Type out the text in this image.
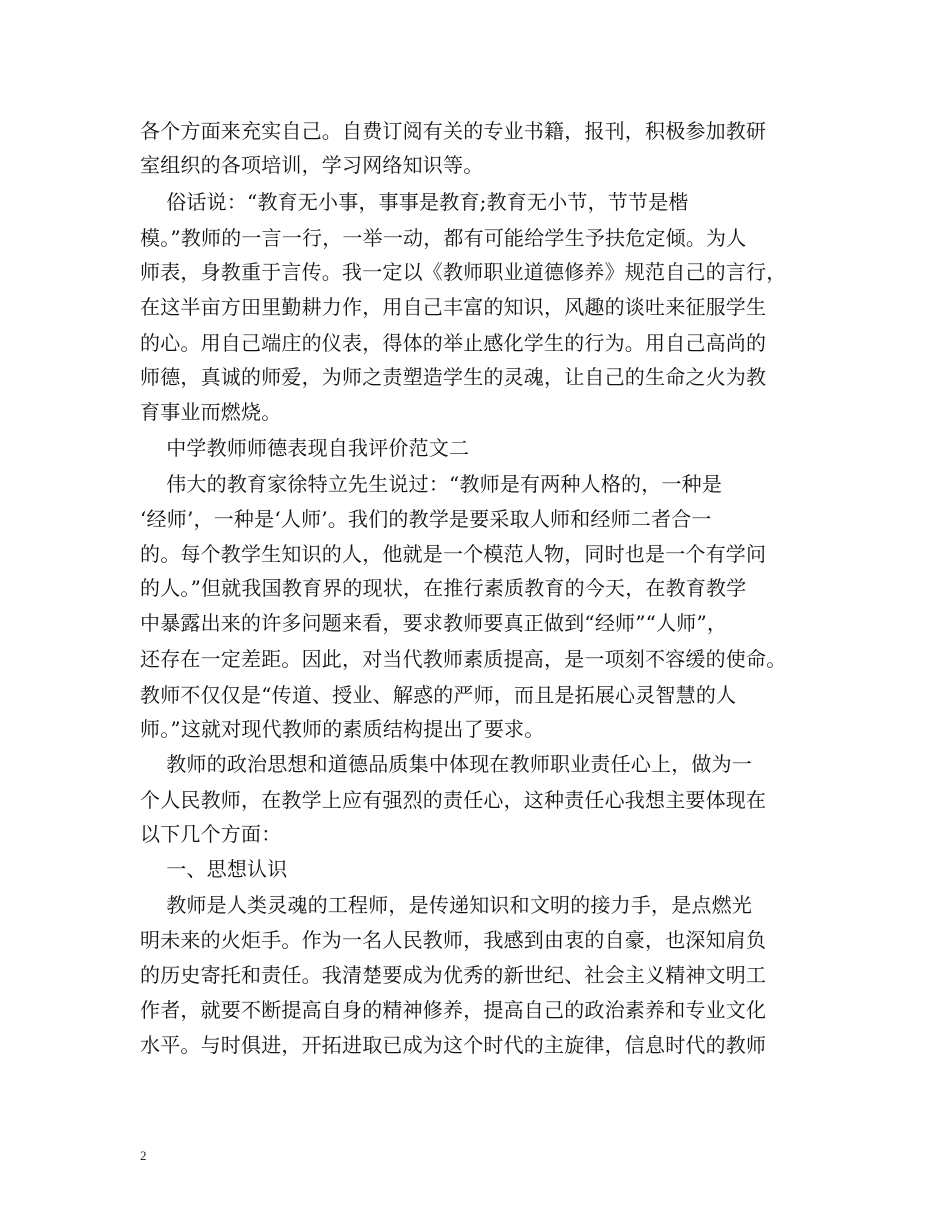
各个方面来充实自己。自费订阅有关的专业书籍，报刊，积极参加教研
室组织的各项培训，学习网络知识等。
俗话说：“教育无小事，事事是教育;教育无小节，节节是楷
模。”教师的一言一行，一举一动，都有可能给学生予扶危定倾。为人
师表，身教重于言传。我一定以《教师职业道德修养》规范自己的言行，
在这半亩方田里勤耕力作，用自己丰富的知识，风趣的谈吐来征服学生
的心。用自己端庄的仪表，得体的举止感化学生的行为。用自己高尚的
师德，真诚的师爱，为师之责塑造学生的灵魂，让自己的生命之火为教
育事业而燃烧。
中学教师师德表现自我评价范文二
伟大的教育家徐特立先生说过：“教师是有两种人格的，一种是
‘经师’，一种是‘人师’。我们的教学是要采取人师和经师二者合一
的。每个教学生知识的人，他就是一个模范人物，同时也是一个有学问
的人。”但就我国教育界的现状，在推行素质教育的今天，在教育教学
中暴露出来的许多问题来看，要求教师要真正做到“经师”“人师”，
还存在一定差距。因此，对当代教师素质提高，是一项刻不容缓的使命。
教师不仅仅是“传道、授业、解惑的严师，而且是拓展心灵智慧的人
师。”这就对现代教师的素质结构提出了要求。
教师的政治思想和道德品质集中体现在教师职业责任心上，做为一
个人民教师，在教学上应有强烈的责任心，这种责任心我想主要体现在
以下几个方面：
一、思想认识
教师是人类灵魂的工程师，是传递知识和文明的接力手，是点燃光
明未来的火炬手。作为一名人民教师，我感到由衷的自豪，也深知肩负
的历史寄托和责任。我清楚要成为优秀的新世纪、社会主义精神文明工
作者，就要不断提高自身的精神修养，提高自己的政治素养和专业文化
水平。与时俱进，开拓进取已成为这个时代的主旋律，信息时代的教师
2
